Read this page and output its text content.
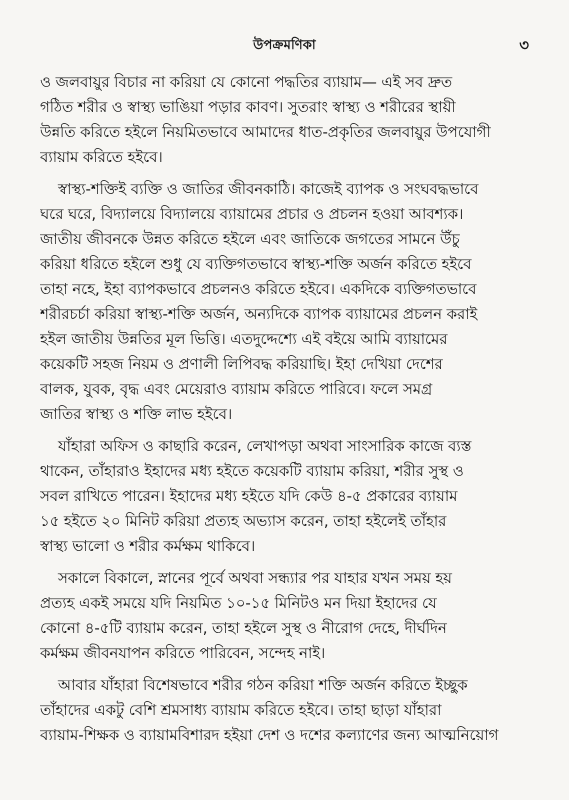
উপক্রমণিকা	৩
ও জলবায়ুর বিচার না করিয়া যে কোনো পদ্ধতির ব্যায়াম— এই সব দ্রুত
গঠিত শরীর ও স্বাস্থ্য ভাঙিয়া পড়ার কাবণ। সুতরাং স্বাস্থ্য ও শরীরের স্থায়ী
উন্নতি করিতে হইলে নিয়মিতভাবে আমাদের ধাত-প্রকৃতির জলবায়ুর উপযোগী
ব্যায়াম করিতে হইবে।
স্বাস্থ্য-শক্তিই ব্যক্তি ও জাতির জীবনকাঠি। কাজেই ব্যাপক ও সংঘবদ্ধভাবে
ঘরে ঘরে, বিদ্যালয়ে বিদ্যালয়ে ব্যায়ামের প্রচার ও প্রচলন হওয়া আবশ্যক।
জাতীয় জীবনকে উন্নত করিতে হইলে এবং জাতিকে জগতের সামনে উঁচু
করিয়া ধরিতে হইলে শুধু যে ব্যক্তিগতভাবে স্বাস্থ্য-শক্তি অর্জন করিতে হইবে
তাহা নহে, ইহা ব্যাপকভাবে প্রচলনও করিতে হইবে। একদিকে ব্যক্তিগতভাবে
শরীরচর্চা করিয়া স্বাস্থ্য-শক্তি অর্জন, অন্যদিকে ব্যাপক ব্যায়ামের প্রচলন করাই
হইল জাতীয় উন্নতির মূল ভিত্তি। এতদুদ্দেশ্যে এই বইয়ে আমি ব্যায়ামের
কয়েকটি সহজ নিয়ম ও প্রণালী লিপিবদ্ধ করিয়াছি। ইহা দেখিয়া দেশের
বালক, যুবক, বৃদ্ধ এবং মেয়েরাও ব্যায়াম করিতে পারিবে। ফলে সমগ্র
জাতির স্বাস্থ্য ও শক্তি লাভ হইবে।
যাঁহারা অফিস ও কাছারি করেন, লেখাপড়া অথবা সাংসারিক কাজে ব্যস্ত
থাকেন, তাঁহারাও ইহাদের মধ্য হইতে কয়েকটি ব্যায়াম করিয়া, শরীর সুস্থ ও
সবল রাখিতে পারেন। ইহাদের মধ্য হইতে যদি কেউ ৪-৫ প্রকারের ব্যায়াম
১৫ হইতে ২০ মিনিট করিয়া প্রত্যহ অভ্যাস করেন, তাহা হইলেই তাঁহার
স্বাস্থ্য ভালো ও শরীর কর্মক্ষম থাকিবে।
সকালে বিকালে, স্নানের পূর্বে অথবা সন্ধ্যার পর যাহার যখন সময় হয়
প্রত্যহ একই সময়ে যদি নিয়মিত ১০-১৫ মিনিটও মন দিয়া ইহাদের যে
কোনো ৪-৫টি ব্যায়াম করেন, তাহা হইলে সুস্থ ও নীরোগ দেহে, দীর্ঘদিন
কর্মক্ষম জীবনযাপন করিতে পারিবেন, সন্দেহ নাই।
আবার যাঁহারা বিশেষভাবে শরীর গঠন করিয়া শক্তি অর্জন করিতে ইচ্ছুক
তাঁহাদের একটু বেশি শ্রমসাধ্য ব্যায়াম করিতে হইবে। তাহা ছাড়া যাঁহারা
ব্যায়াম-শিক্ষক ও ব্যায়ামবিশারদ হইয়া দেশ ও দশের কল্যাণের জন্য আত্মনিয়োগ
